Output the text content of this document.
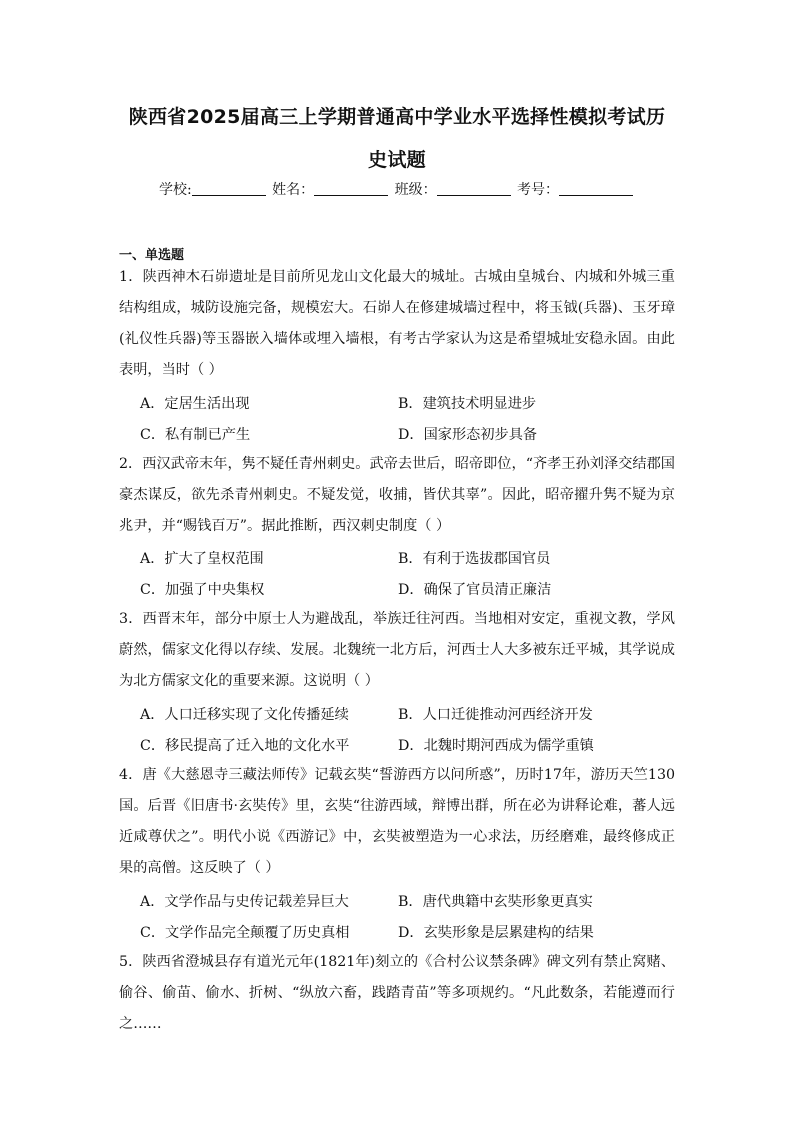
陕西省2025届高三上学期普通高中学业水平选择性模拟考试历
史试题
学校:	姓名：	班级：	考号：
一、单选题
1．陕西神木石峁遗址是目前所见龙山文化最大的城址。古城由皇城台、内城和外城三重结构组成，城防设施完备，规模宏大。石峁人在修建城墙过程中，将玉钺(兵器)、玉牙璋(礼仪性兵器)等玉器嵌入墙体或埋入墙根，有考古学家认为这是希望城址安稳永固。由此表明，当时（ ）
A．定居生活出现	B．建筑技术明显进步
C．私有制已产生	D．国家形态初步具备
2．西汉武帝末年，隽不疑任青州刺史。武帝去世后，昭帝即位，“齐孝王孙刘泽交结郡国豪杰谋反，欲先杀青州刺史。不疑发觉，收捕，皆伏其辜”。因此，昭帝擢升隽不疑为京兆尹，并“赐钱百万”。据此推断，西汉刺史制度（ ）
A．扩大了皇权范围	B．有利于选拔郡国官员
C．加强了中央集权	D．确保了官员清正廉洁
3．西晋末年，部分中原士人为避战乱，举族迁往河西。当地相对安定，重视文教，学风蔚然，儒家文化得以存续、发展。北魏统一北方后，河西士人大多被东迁平城，其学说成为北方儒家文化的重要来源。这说明（ ）
A．人口迁移实现了文化传播延续	B．人口迁徙推动河西经济开发
C．移民提高了迁入地的文化水平	D．北魏时期河西成为儒学重镇
4．唐《大慈恩寺三藏法师传》记载玄奘“誓游西方以问所惑”，历时17年，游历天竺130国。后晋《旧唐书·玄奘传》里，玄奘“往游西域，辩博出群，所在必为讲释论难，蕃人远近咸尊伏之”。明代小说《西游记》中，玄奘被塑造为一心求法，历经磨难，最终修成正果的高僧。这反映了（ ）
A．文学作品与史传记载差异巨大	B．唐代典籍中玄奘形象更真实
C．文学作品完全颠覆了历史真相	D．玄奘形象是层累建构的结果
5．陕西省澄城县存有道光元年(1821年)刻立的《合村公议禁条碑》碑文列有禁止窝赌、偷谷、偷苗、偷水、折树、“纵放六畜，践踏青苗”等多项规约。“凡此数条，若能遵而行之……
